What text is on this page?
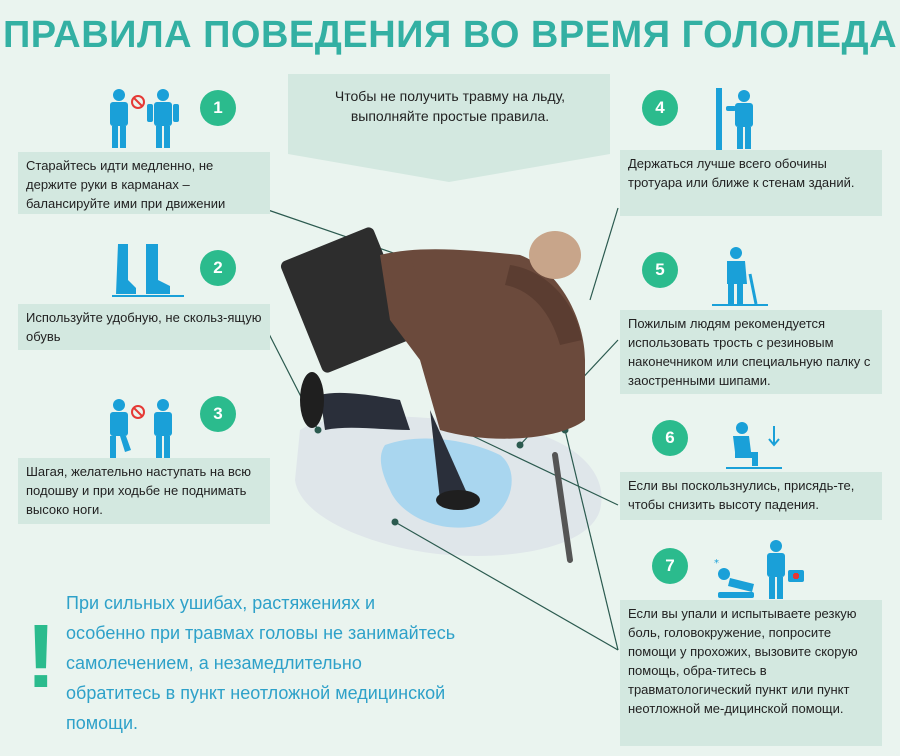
ПРАВИЛА ПОВЕДЕНИЯ ВО ВРЕМЯ ГОЛОЛЕДА
Чтобы не получить травму на льду, выполняйте простые правила.
1
Старайтесь идти медленно, не держите руки в карманах – балансируйте ими при движении
2
Используйте удобную, не скольз-ящую обувь
3
Шагая, желательно наступать на всю подошву и при ходьбе не поднимать высоко ноги.
4
Держаться лучше всего обочины тротуара или ближе к стенам зданий.
5
Пожилым людям рекомендуется использовать трость с резиновым наконечником или специальную палку с заостренными шипами.
6
Если вы поскользнулись, присядь-те, чтобы снизить высоту падения.
7	*
Если вы упали и испытываете резкую боль, головокружение, попросите помощи у прохожих, вызовите скорую помощь, обра-титесь в травматологический пункт или пункт неотложной ме-дицинской помощи.
!
При сильных ушибах, растяжениях и особенно при травмах головы не занимайтесь самолечением, а незамедлительно обратитесь в пункт неотложной медицинской помощи.
